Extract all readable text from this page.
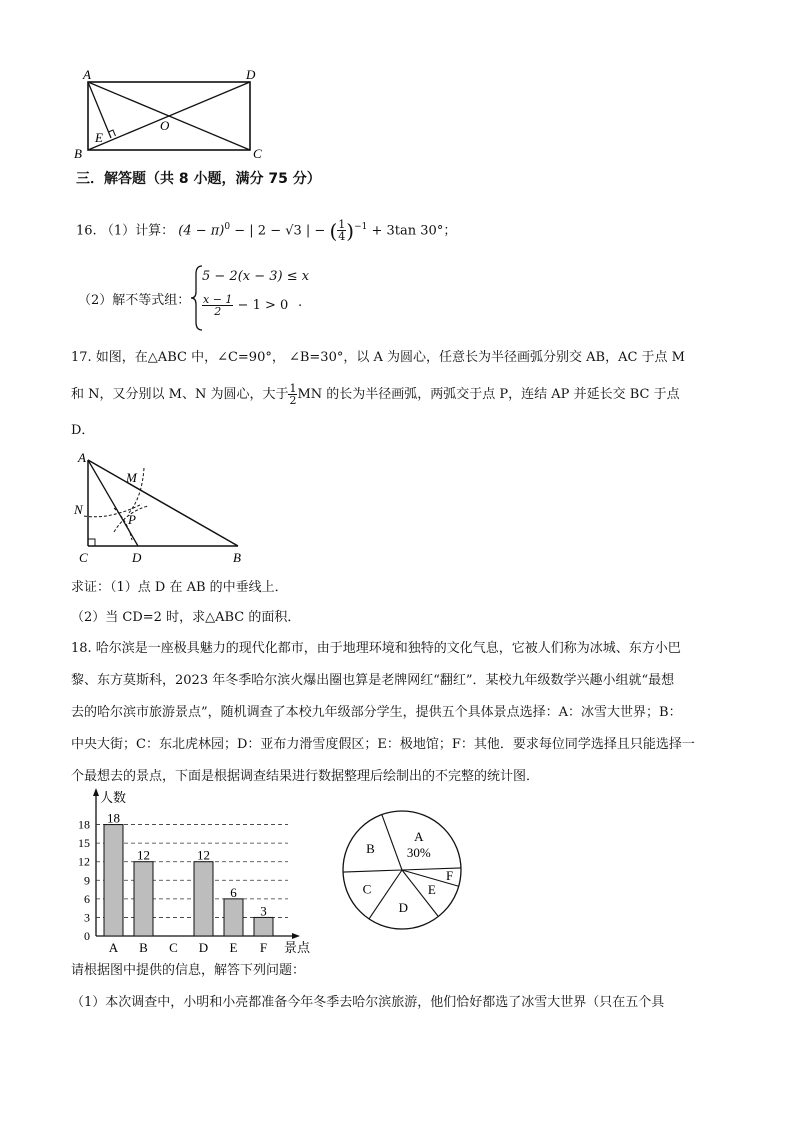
A	D
B	C
O
E
三．解答题（共 8 小题，满分 75 分）
16. （1）计算： $(4 - \pi)^0$ − | 2 − √3 | − ( $\frac{1}{4} )^{-1} + 3\tan$ 30°；
（2）解不等式组：
5 − 2(x − 3) ≤ x
$\frac{x - 1}{2} - 1 > 0$ .
17. 如图，在△ABC 中，∠C=90°， ∠B=30°，以 A 为圆心，任意长为半径画弧分别交 AB，AC 于点 M
和 N，又分别以 M、N 为圆心，大于 $\frac{1}{2}$ MN 的长为半径画弧，两弧交于点 P，连结 AP 并延长交 BC 于点
D．
A
M
N
P
C	D	B
求证：（1）点 D 在 AB 的中垂线上．
（2）当 CD=2 时，求△ABC 的面积．
18. 哈尔滨是一座极具魅力的现代化都市，由于地理环境和独特的文化气息，它被人们称为冰城、东方小巴
黎、东方莫斯科，2023 年冬季哈尔滨火爆出圈也算是老牌网红“翻红”．某校九年级数学兴趣小组就“最想
去的哈尔滨市旅游景点”，随机调查了本校九年级部分学生，提供五个具体景点选择：A：冰雪大世界；B：
中央大街；C：东北虎林园；D：亚布力滑雪度假区；E：极地馆；F：其他．要求每位同学选择且只能选择一
个最想去的景点，下面是根据调查结果进行数据整理后绘制出的不完整的统计图．
0
3
6
9
12
15
18
人数
景点
18
A
12
B C
12
D
6
E
3
F
A
30%
B
C
D
E
F
请根据图中提供的信息，解答下列问题：
（1）本次调查中，小明和小亮都准备今年冬季去哈尔滨旅游，他们恰好都选了冰雪大世界（只在五个具
